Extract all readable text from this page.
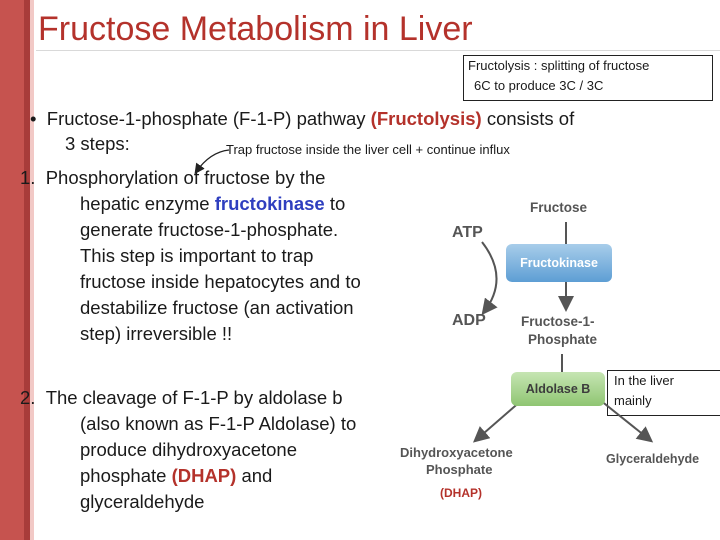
Fructose Metabolism in Liver
Fructolysis : splitting of fructose
6C to produce 3C / 3C
• Fructose-1-phosphate (F-1-P) pathway (Fructolysis) consists of
3 steps:	Trap fructose inside the liver cell + continue influx
1. Phosphorylation of fructose by the
hepatic enzyme fructokinase to
generate fructose-1-phosphate.
This step is important to trap
fructose inside hepatocytes and to
destabilize fructose (an activation
step) irreversible !!
2. The cleavage of F-1-P by aldolase b
(also known as F-1-P Aldolase) to
produce dihydroxyacetone
phosphate (DHAP) and
glyceraldehyde
In the liver
mainly
Fructose
ATP
Fructokinase
ADP	Fructose-1-
Phosphate
Aldolase B
Dihydroxyacetone
Phosphate
(DHAP)
Glyceraldehyde
